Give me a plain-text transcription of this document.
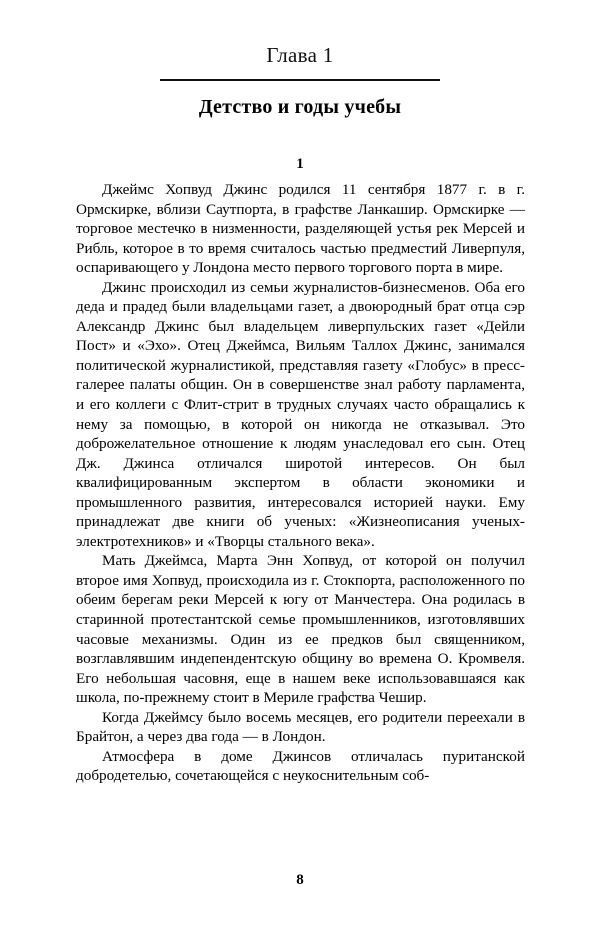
Глава 1
Детство и годы учебы
1

Джеймс Хопвуд Джинс родился 11 сентября 1877 г. в г. Ормскирке, вблизи Саутпорта, в графстве Ланкашир. Ормскирке — торговое местечко в низменности, разделяющей устья рек Мерсей и Рибль, которое в то время считалось частью предместий Ливерпуля, оспаривающего у Лондона место первого торгового порта в мире.

Джинс происходил из семьи журналистов-бизнесменов. Оба его деда и прадед были владельцами газет, а двоюродный брат отца сэр Александр Джинс был владельцем ливерпульских газет «Дейли Пост» и «Эхо». Отец Джеймса, Вильям Таллох Джинс, занимался политической журналистикой, представляя газету «Глобус» в пресс-галерее палаты общин. Он в совершенстве знал работу парламента, и его коллеги с Флит-стрит в трудных случаях часто обращались к нему за помощью, в которой он никогда не отказывал. Это доброжелательное отношение к людям унаследовал его сын. Отец Дж. Джинса отличался широтой интересов. Он был квалифицированным экспертом в области экономики и промышленного развития, интересовался историей науки. Ему принадлежат две книги об ученых: «Жизнеописания ученых-электротехников» и «Творцы стального века».

Мать Джеймса, Марта Энн Хопвуд, от которой он получил второе имя Хопвуд, происходила из г. Стокпорта, расположенного по обеим берегам реки Мерсей к югу от Манчестера. Она родилась в старинной протестантской семье промышленников, изготовлявших часовые механизмы. Один из ее предков был священником, возглавлявшим индепендентскую общину во времена О. Кромвеля. Его небольшая часовня, еще в нашем веке использовавшаяся как школа, по-прежнему стоит в Мериле графства Чешир.

Когда Джеймсу было восемь месяцев, его родители переехали в Брайтон, а через два года — в Лондон.

Атмосфера в доме Джинсов отличалась пуританской добродетелью, сочетающейся с неукоснительным соб-

8
